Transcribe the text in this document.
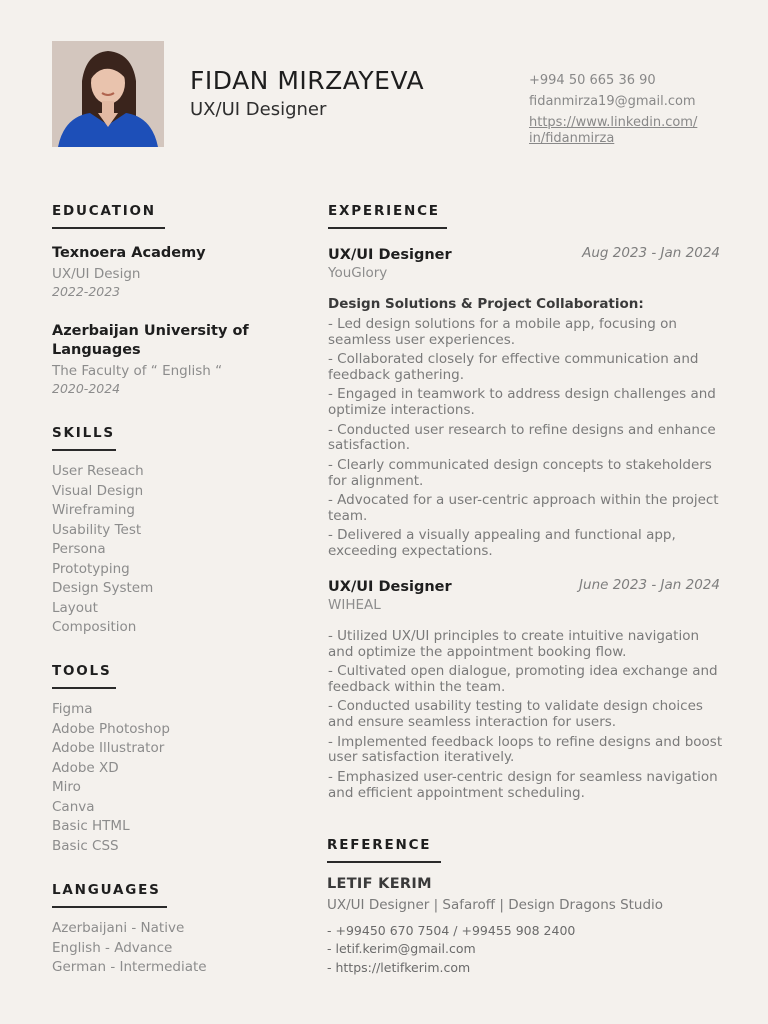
FIDAN MIRZAYEVA
UX/UI Designer
+994 50 665 36 90
fidanmirza19@gmail.com
https://www.linkedin.com/
in/fidanmirza
EDUCATION
Texnoera Academy
UX/UI Design
2022-2023
Azerbaijan University of Languages
The Faculty of “ English “
2020-2024
SKILLS
User Reseach
Visual Design
Wireframing
Usability Test
Persona
Prototyping
Design System
Layout
Composition
TOOLS
Figma
Adobe Photoshop
Adobe Illustrator
Adobe XD
Miro
Canva
Basic HTML
Basic CSS
LANGUAGES
Azerbaijani - Native
English - Advance
German - Intermediate
EXPERIENCE
UX/UI Designer	Aug 2023 - Jan 2024
YouGlory
Design Solutions & Project Collaboration:
- Led design solutions for a mobile app, focusing on seamless user experiences.
- Collaborated closely for effective communication and feedback gathering.
- Engaged in teamwork to address design challenges and optimize interactions.
- Conducted user research to refine designs and enhance satisfaction.
- Clearly communicated design concepts to stakeholders for alignment.
- Advocated for a user-centric approach within the project team.
- Delivered a visually appealing and functional app, exceeding expectations.
UX/UI Designer	June 2023 - Jan 2024
WIHEAL
- Utilized UX/UI principles to create intuitive navigation and optimize the appointment booking flow.
- Cultivated open dialogue, promoting idea exchange and feedback within the team.
- Conducted usability testing to validate design choices and ensure seamless interaction for users.
- Implemented feedback loops to refine designs and boost user satisfaction iteratively.
- Emphasized user-centric design for seamless navigation and efficient appointment scheduling.
REFERENCE
LETIF KERIM
UX/UI Designer | Safaroff | Design Dragons Studio
- +99450 670 7504 / +99455 908 2400
- letif.kerim@gmail.com
- https://letifkerim.com
